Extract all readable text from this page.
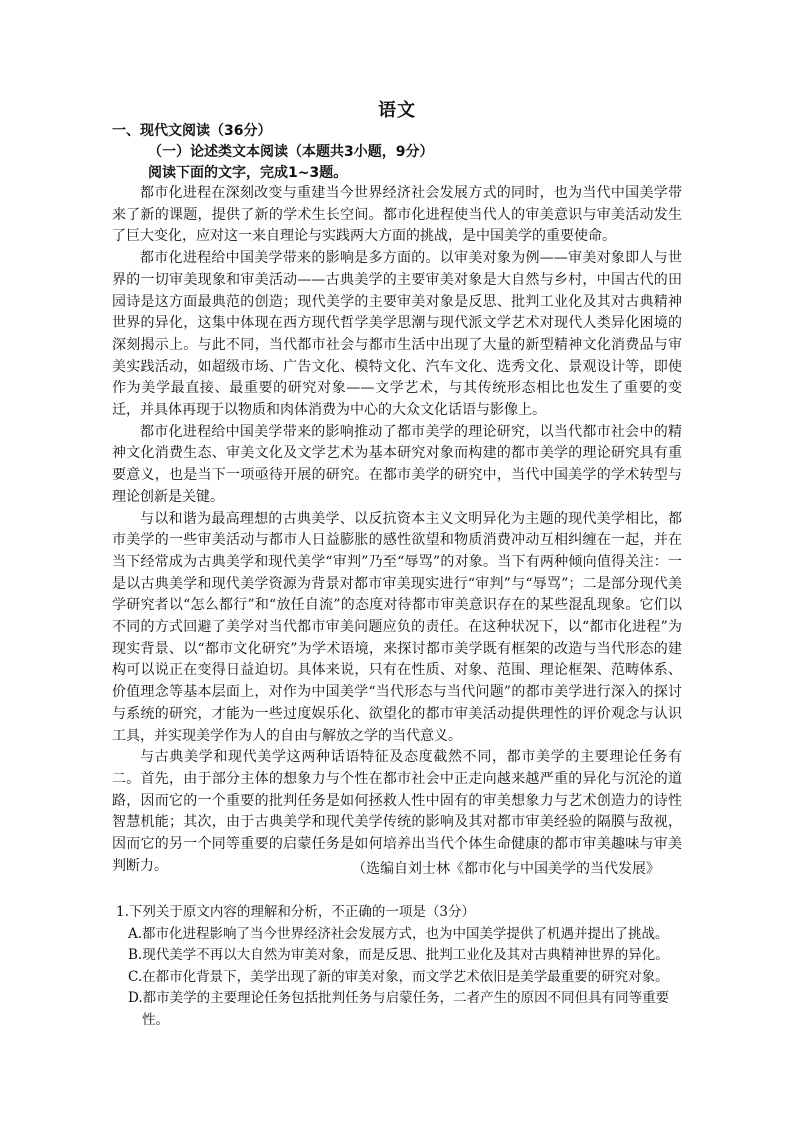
语文
一、现代文阅读（36分）
（一）论述类文本阅读（本题共3小题，9分）
阅读下面的文字，完成1~3题。

都市化进程在深刻改变与重建当今世界经济社会发展方式的同时，也为当代中国美学带来了新的课题，提供了新的学术生长空间。都市化进程使当代人的审美意识与审美活动发生了巨大变化，应对这一来自理论与实践两大方面的挑战，是中国美学的重要使命。

都市化进程给中国美学带来的影响是多方面的。以审美对象为例——审美对象即人与世界的一切审美现象和审美活动——古典美学的主要审美对象是大自然与乡村，中国古代的田园诗是这方面最典范的创造；现代美学的主要审美对象是反思、批判工业化及其对古典精神世界的异化，这集中体现在西方现代哲学美学思潮与现代派文学艺术对现代人类异化困境的深刻揭示上。与此不同，当代都市社会与都市生活中出现了大量的新型精神文化消费品与审美实践活动，如超级市场、广告文化、模特文化、汽车文化、选秀文化、景观设计等，即使作为美学最直接、最重要的研究对象——文学艺术，与其传统形态相比也发生了重要的变迁，并具体再现于以物质和肉体消费为中心的大众文化话语与影像上。

都市化进程给中国美学带来的影响推动了都市美学的理论研究，以当代都市社会中的精神文化消费生态、审美文化及文学艺术为基本研究对象而构建的都市美学的理论研究具有重要意义，也是当下一项亟待开展的研究。在都市美学的研究中，当代中国美学的学术转型与理论创新是关键。

与以和谐为最高理想的古典美学、以反抗资本主义文明异化为主题的现代美学相比，都市美学的一些审美活动与都市人日益膨胀的感性欲望和物质消费冲动互相纠缠在一起，并在当下经常成为古典美学和现代美学“审判”乃至“辱骂”的对象。当下有两种倾向值得关注：一是以古典美学和现代美学资源为背景对都市审美现实进行“审判”与“辱骂”；二是部分现代美学研究者以“怎么都行”和“放任自流”的态度对待都市审美意识存在的某些混乱现象。它们以不同的方式回避了美学对当代都市审美问题应负的责任。在这种状况下，以“都市化进程”为现实背景、以“都市文化研究”为学术语境，来探讨都市美学既有框架的改造与当代形态的建构可以说正在变得日益迫切。具体来说，只有在性质、对象、范围、理论框架、范畴体系、价值理念等基本层面上，对作为中国美学“当代形态与当代问题”的都市美学进行深入的探讨与系统的研究，才能为一些过度娱乐化、欲望化的都市审美活动提供理性的评价观念与认识工具，并实现美学作为人的自由与解放之学的当代意义。

与古典美学和现代美学这两种话语特征及态度截然不同，都市美学的主要理论任务有二。首先，由于部分主体的想象力与个性在都市社会中正走向越来越严重的异化与沉沦的道路，因而它的一个重要的批判任务是如何拯救人性中固有的审美想象力与艺术创造力的诗性智慧机能；其次，由于古典美学和现代美学传统的影响及其对都市审美经验的隔膜与敌视，因而它的另一个同等重要的启蒙任务是如何培养出当代个体生命健康的都市审美趣味与审美判断力。	（选编自刘士林《都市化与中国美学的当代发展》

1.下列关于原文内容的理解和分析，不正确的一项是（3分）

A.都市化进程影响了当今世界经济社会发展方式，也为中国美学提供了机遇并提出了挑战。

B.现代美学不再以大自然为审美对象，而是反思、批判工业化及其对古典精神世界的异化。

C.在都市化背景下，美学出现了新的审美对象，而文学艺术依旧是美学最重要的研究对象。

D.都市美学的主要理论任务包括批判任务与启蒙任务，二者产生的原因不同但具有同等重要性。
